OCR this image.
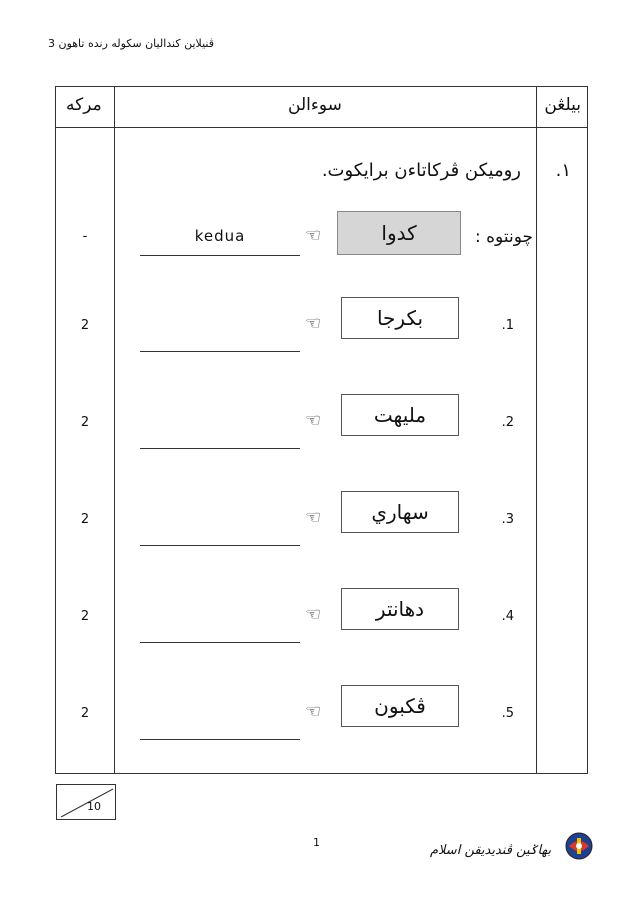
ڤنيلاين كنداليان سکوله رنده تاهون 3
مرکه	سوءالن	بيلڠن
١.
روميکن ڤرکاتاءن برايکوت.
-	kedua	☜	كدوا	چونتوه :
2	☜	بکرجا	.1
2	☜	مليهت	.2
2	☜	سهاري	.3
2	☜	دهانتر	.4
2	☜	ڤکبون	.5
10
1
بهاݢين ڤنديديقن اسلام
